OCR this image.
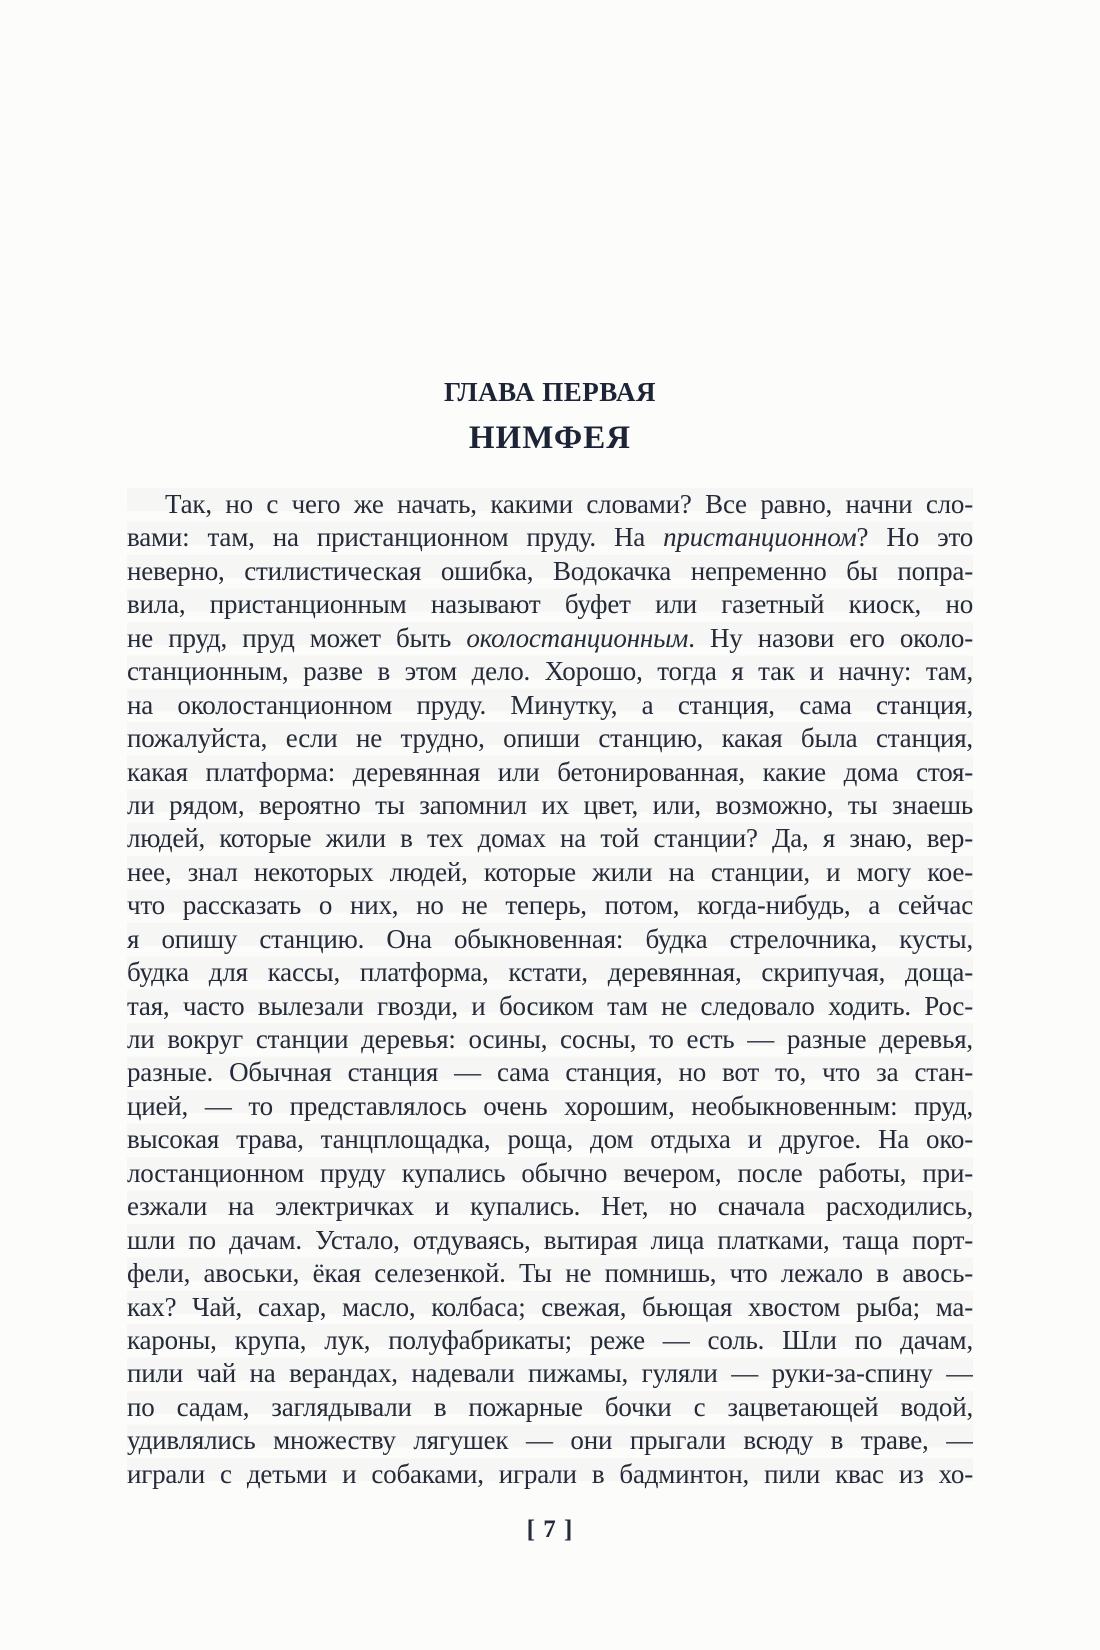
ГЛАВА ПЕРВАЯ
НИМФЕЯ
Так, но с чего же начать, какими словами? Все равно, начни сло-
вами: там, на пристанционном пруду. На пристанционном? Но это
неверно, стилистическая ошибка, Водокачка непременно бы попра-
вила, пристанционным называют буфет или газетный киоск, но
не пруд, пруд может быть околостанционным. Ну назови его около-
станционным, разве в этом дело. Хорошо, тогда я так и начну: там,
на околостанционном пруду. Минутку, а станция, сама станция,
пожалуйста, если не трудно, опиши станцию, какая была станция,
какая платформа: деревянная или бетонированная, какие дома стоя-
ли рядом, вероятно ты запомнил их цвет, или, возможно, ты знаешь
людей, которые жили в тех домах на той станции? Да, я знаю, вер-
нее, знал некоторых людей, которые жили на станции, и могу кое-
что рассказать о них, но не теперь, потом, когда-нибудь, а сейчас
я опишу станцию. Она обыкновенная: будка стрелочника, кусты,
будка для кассы, платформа, кстати, деревянная, скрипучая, доща-
тая, часто вылезали гвозди, и босиком там не следовало ходить. Рос-
ли вокруг станции деревья: осины, сосны, то есть — разные деревья,
разные. Обычная станция — сама станция, но вот то, что за стан-
цией, — то представлялось очень хорошим, необыкновенным: пруд,
высокая трава, танцплощадка, роща, дом отдыха и другое. На око-
лостанционном пруду купались обычно вечером, после работы, при-
езжали на электричках и купались. Нет, но сначала расходились,
шли по дачам. Устало, отдуваясь, вытирая лица платками, таща порт-
фели, авоськи, ёкая селезенкой. Ты не помнишь, что лежало в авось-
ках? Чай, сахар, масло, колбаса; свежая, бьющая хвостом рыба; ма-
кароны, крупа, лук, полуфабрикаты; реже — соль. Шли по дачам,
пили чай на верандах, надевали пижамы, гуляли — руки-за-спину —
по садам, заглядывали в пожарные бочки с зацветающей водой,
удивлялись множеству лягушек — они прыгали всюду в траве, —
играли с детьми и собаками, играли в бадминтон, пили квас из хо-
[ 7 ]
